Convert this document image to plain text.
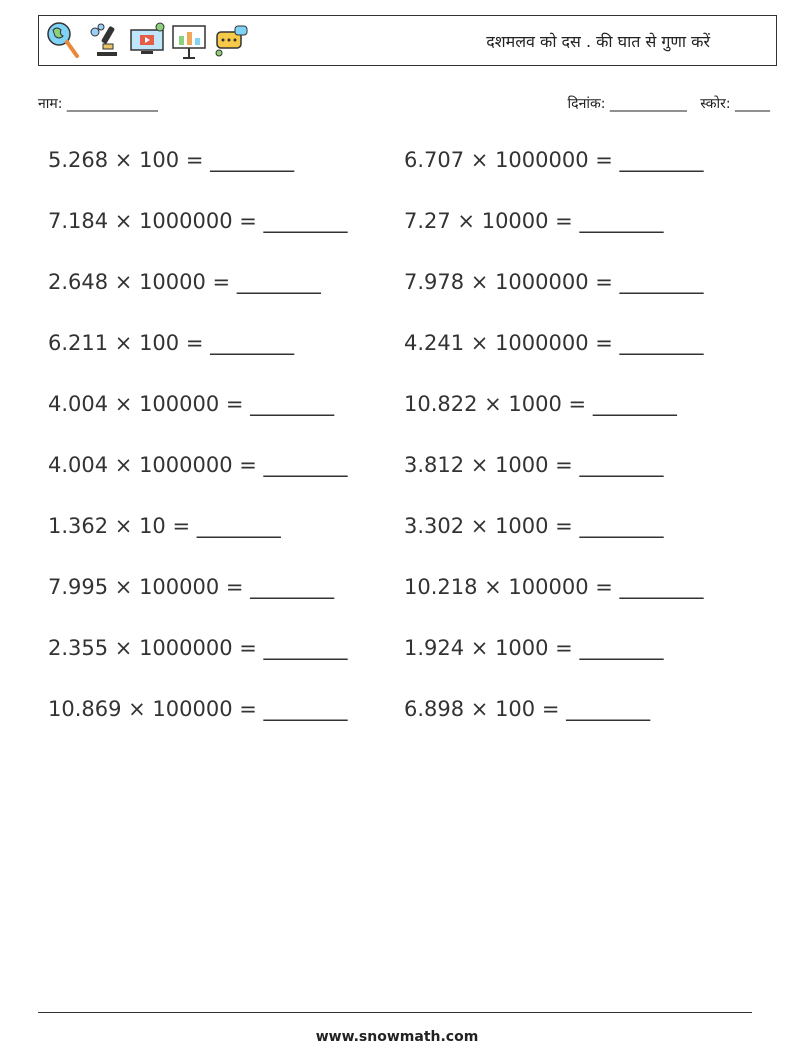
दशमलव को दस . की घात से गुणा करें
नाम: _____________	दिनांक: ___________ स्कोर: _____
5.268 × 100 = ________
7.184 × 1000000 = ________
2.648 × 10000 = ________
6.211 × 100 = ________
4.004 × 100000 = ________
4.004 × 1000000 = ________
1.362 × 10 = ________
7.995 × 100000 = ________
2.355 × 1000000 = ________
10.869 × 100000 = ________
6.707 × 1000000 = ________
7.27 × 10000 = ________
7.978 × 1000000 = ________
4.241 × 1000000 = ________
10.822 × 1000 = ________
3.812 × 1000 = ________
3.302 × 1000 = ________
10.218 × 100000 = ________
1.924 × 1000 = ________
6.898 × 100 = ________
www.snowmath.com
